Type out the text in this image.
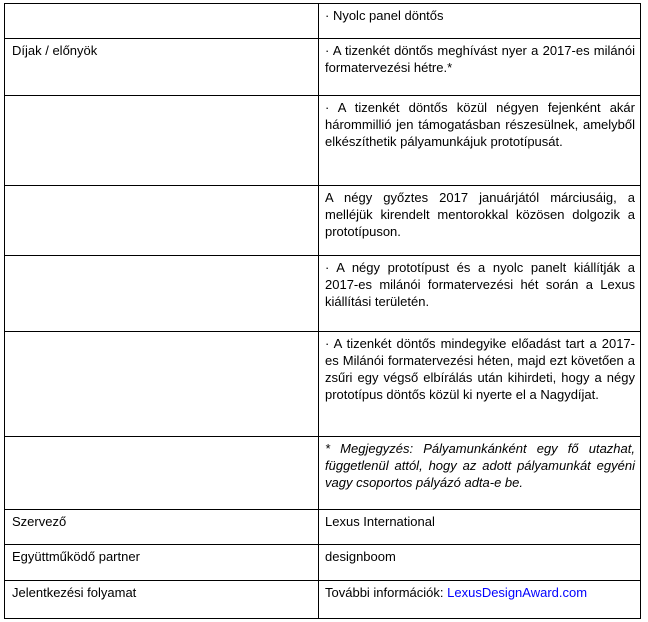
	· Nyolc panel döntős
Díjak / előnyök	· A tizenkét döntős meghívást nyer a 2017-es milánói formatervezési hétre.*
	· A tizenkét döntős közül négyen fejenként akár hárommillió jen támogatásban részesülnek, amelyből elkészíthetik pályamunkájuk prototípusát.
	A négy győztes 2017 januárjától márciusáig, a melléjük kirendelt mentorokkal közösen dolgozik a prototípuson.
	· A négy prototípust és a nyolc panelt kiállítják a 2017-es milánói formatervezési hét során a Lexus kiállítási területén.
	· A tizenkét döntős mindegyike előadást tart a 2017-es Milánói formatervezési héten, majd ezt követően a zsűri egy végső elbírálás után kihirdeti, hogy a négy prototípus döntős közül ki nyerte el a Nagydíjat.
	* Megjegyzés: Pályamunkánként egy fő utazhat, függetlenül attól, hogy az adott pályamunkát egyéni vagy csoportos pályázó adta-e be.
Szervező	Lexus International
Együttműködő partner	designboom
Jelentkezési folyamat	További információk: LexusDesignAward.com
